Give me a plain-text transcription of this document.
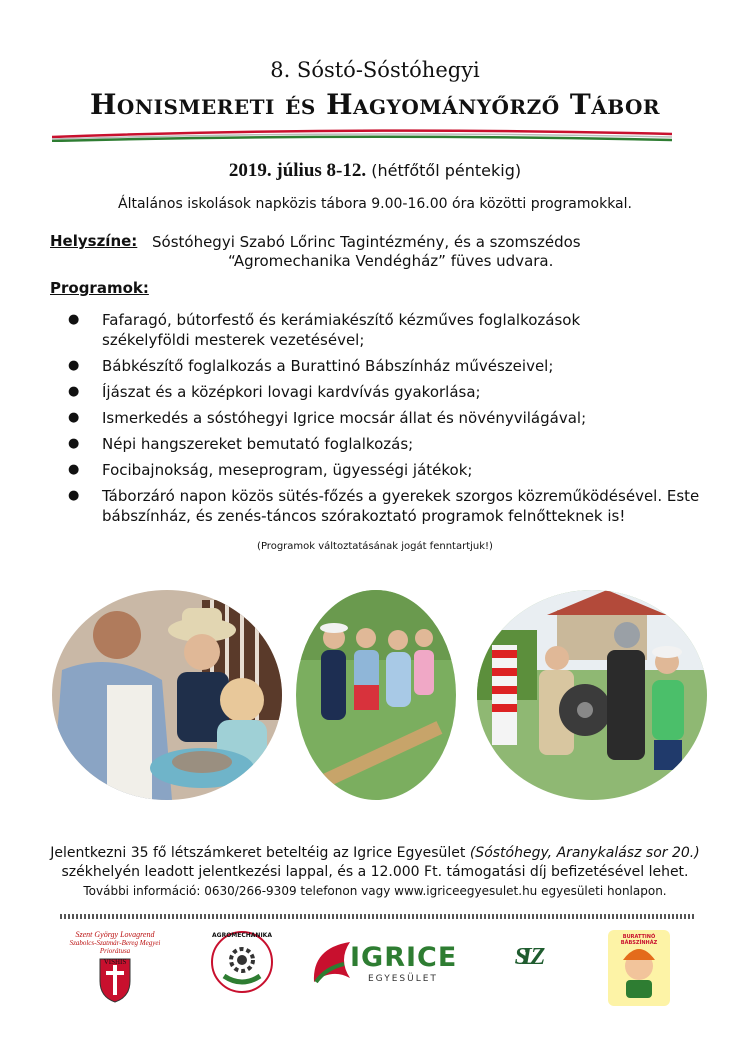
8. Sóstó-Sóstóhegyi
Honismereti és Hagyományőrző Tábor
2019. július 8-12. (hétfőtől péntekig)
Általános iskolások napközis tábora 9.00-16.00 óra közötti programokkal.
Helyszíne: Sóstóhegyi Szabó Lőrinc Tagintézmény, és a szomszédos
“Agromechanika Vendégház” füves udvara.
Programok:
● Fafaragó, bútorfestő és kerámiakészítő kézműves foglalkozások székelyföldi mesterek vezetésével;
● Bábkészítő foglalkozás a Burattinó Bábszínház művészeivel;
● Íjászat és a középkori lovagi kardvívás gyakorlása;
● Ismerkedés a sóstóhegyi Igrice mocsár állat és növényvilágával;
● Népi hangszereket bemutató foglalkozás;
● Focibajnokság, meseprogram, ügyességi játékok;
● Táborzáró napon közös sütés-főzés a gyerekek szorgos közreműködésével. Este bábszínház, és zenés-táncos szórakoztató programok felnőtteknek is!
(Programok változtatásának jogát fenntartjuk!)
Jelentkezni 35 fő létszámkeret beteltéig az Igrice Egyesület (Sóstóhegy, Aranykalász sor 20.)
székhelyén leadott jelentkezési lappal, és a 12.000 Ft. támogatási díj befizetésével lehet.
További információ: 0630/266-9309 telefonon vagy www.igriceegyesulet.hu egyesületi honlapon.
Szent György Lovagrend
Szabolcs-Szatmár-Bereg Megyei Priorátusa
VISHIS
AGROMECHANIKA
IGRICE
EGYESÜLET
SLZ
BURATTINÓ BÁBSZÍNHÁZ
